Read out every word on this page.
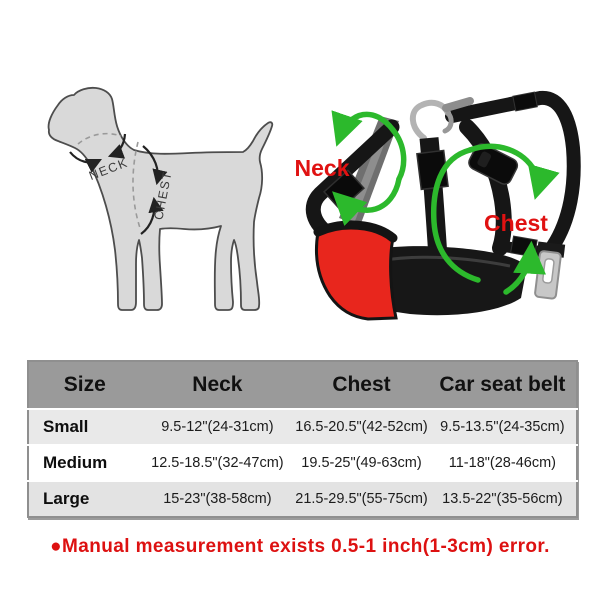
NECK
CHEST
Neck
Chest
Size	Neck	Chest	Car seat belt
Small	9.5-12"(24-31cm)	16.5-20.5"(42-52cm)	9.5-13.5"(24-35cm)
Medium	12.5-18.5"(32-47cm)	19.5-25"(49-63cm)	11-18"(28-46cm)
Large	15-23"(38-58cm)	21.5-29.5"(55-75cm)	13.5-22"(35-56cm)
●Manual measurement exists 0.5-1 inch(1-3cm) error.
